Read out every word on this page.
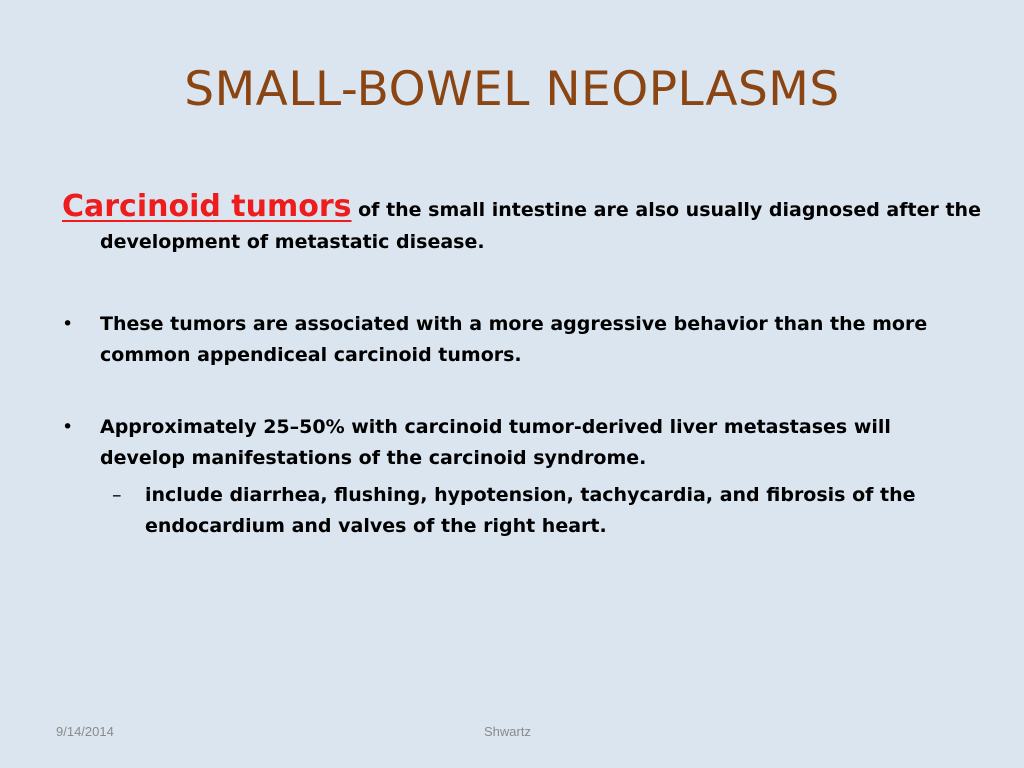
SMALL-BOWEL NEOPLASMS
Carcinoid tumors of the small intestine are also usually diagnosed after the
development of metastatic disease.
•	These tumors are associated with a more aggressive behavior than the more common appendiceal carcinoid tumors.
•	Approximately 25–50% with carcinoid tumor-derived liver metastases will develop manifestations of the carcinoid syndrome.
–	include diarrhea, flushing, hypotension, tachycardia, and fibrosis of the endocardium and valves of the right heart.
9/14/2014	Shwartz
